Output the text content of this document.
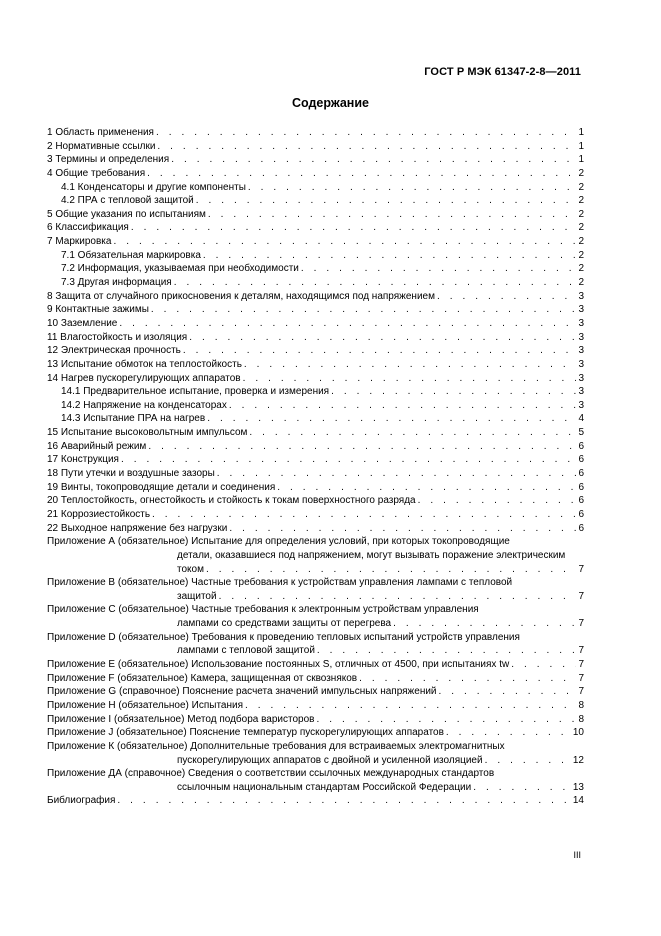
ГОСТ Р МЭК 61347-2-8—2011
Содержание
1 Область применения . . .	1
2 Нормативные ссылки . . .	1
3 Термины и определения . . .	1
4 Общие требования . . .	2
4.1 Конденсаторы и другие компоненты . . .	2
4.2 ПРА с тепловой защитой . . .	2
5 Общие указания по испытаниям . . .	2
6 Классификация . . .	2
7 Маркировка . . .	2
7.1 Обязательная маркировка . . .	2
7.2 Информация, указываемая при необходимости . . .	2
7.3 Другая информация . . .	2
8 Защита от случайного прикосновения к деталям, находящимся под напряжением . . .	3
9 Контактные зажимы . . .	3
10 Заземление . . .	3
11 Влагостойкость и изоляция . . .	3
12 Электрическая прочность . . .	3
13 Испытание обмоток на теплостойкость . . .	3
14 Нагрев пускорегулирующих аппаратов . . .	3
14.1 Предварительное испытание, проверка и измерения . . .	3
14.2 Напряжение на конденсаторах . . .	3
14.3 Испытание ПРА на нагрев . . .	4
15 Испытание высоковольтным импульсом . . .	5
16 Аварийный режим . . .	6
17 Конструкция . . .	6
18 Пути утечки и воздушные зазоры . . .	6
19 Винты, токопроводящие детали и соединения . . .	6
20 Теплостойкость, огнестойкость и стойкость к токам поверхностного разряда . . .	6
21 Коррозиестойкость . . .	6
22 Выходное напряжение без нагрузки . . .	6
Приложение А (обязательное) Испытание для определения условий, при которых токопроводящие
детали, оказавшиеся под напряжением, могут вызывать поражение электрическим
током . . .	7
Приложение В (обязательное) Частные требования к устройствам управления лампами с тепловой
защитой . . .	7
Приложение С (обязательное) Частные требования к электронным устройствам управления
лампами со средствами защиты от перегрева . . .	7
Приложение D (обязательное) Требования к проведению тепловых испытаний устройств управления
лампами с тепловой защитой . . .	7
Приложение Е (обязательное) Использование постоянных S, отличных от 4500, при испытаниях tw . . .	7
Приложение F (обязательное) Камера, защищенная от сквозняков . . .	7
Приложение G (справочное) Пояснение расчета значений импульсных напряжений . . .	7
Приложение Н (обязательное) Испытания . . .	8
Приложение I (обязательное) Метод подбора варисторов . . .	8
Приложение J (обязательное) Пояснение температур пускорегулирующих аппаратов . . .	10
Приложение К (обязательное) Дополнительные требования для встраиваемых электромагнитных
пускорегулирующих аппаратов с двойной и усиленной изоляцией . . .	12
Приложение ДА (справочное) Сведения о соответствии ссылочных международных стандартов
ссылочным национальным стандартам Российской Федерации . . .	13
Библиография . . .	14
III
